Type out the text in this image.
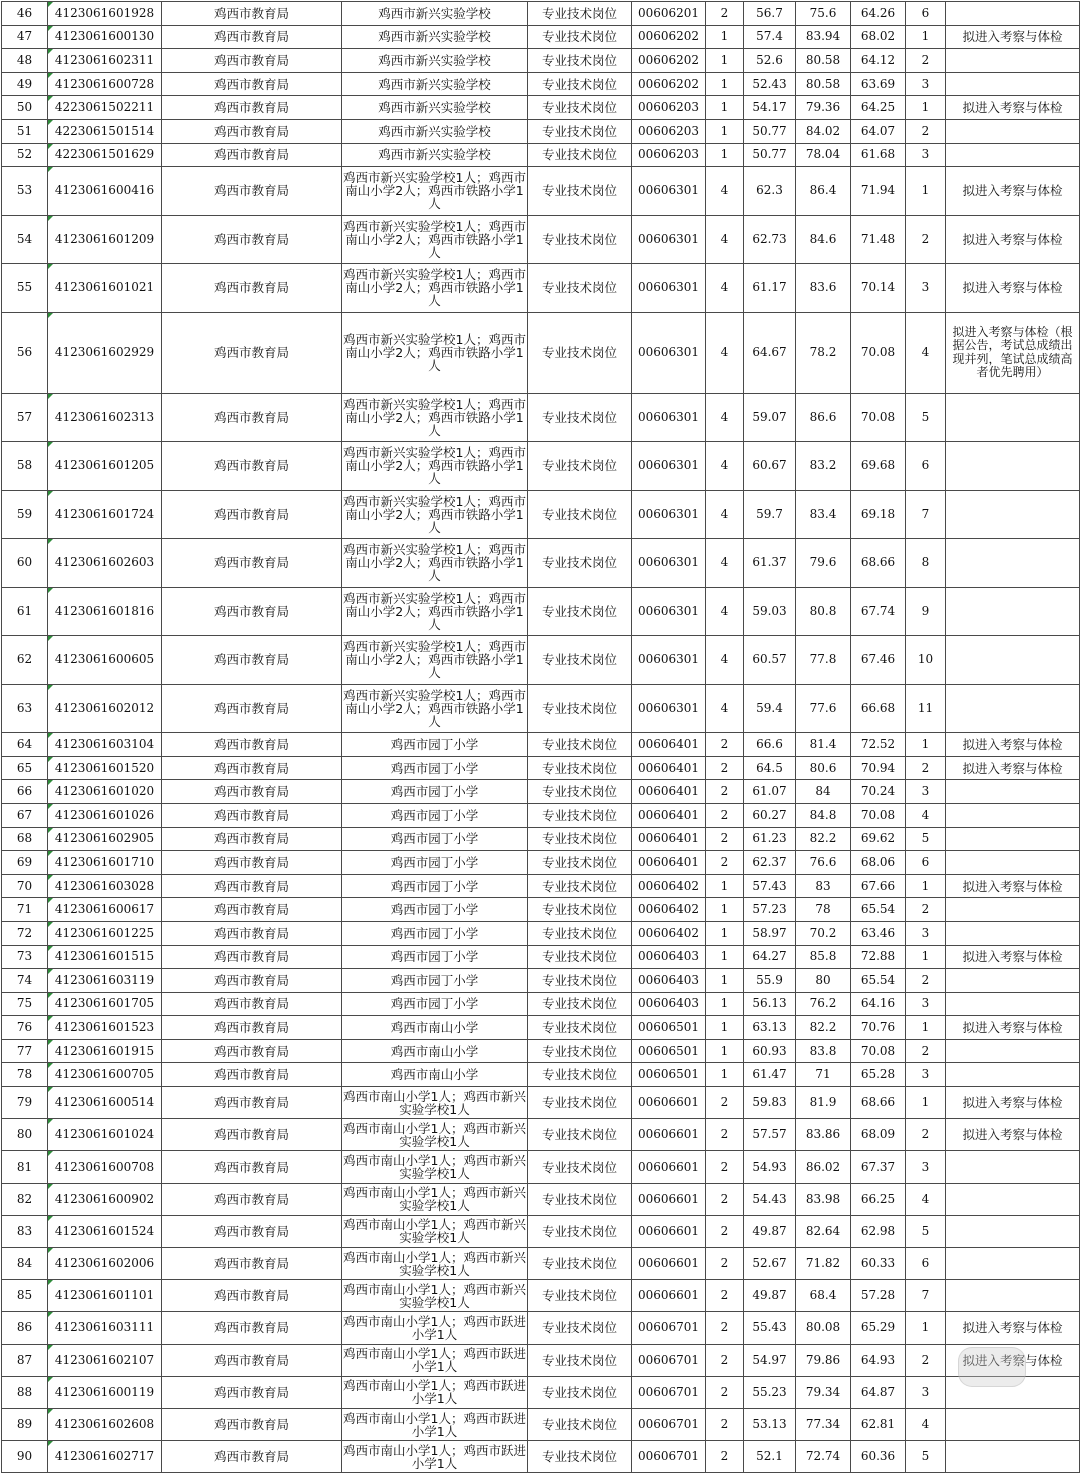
46	4123061601928	鸡西市教育局	鸡西市新兴实验学校	专业技术岗位	00606201	2	56.7	75.6	64.26	6	
47	4123061600130	鸡西市教育局	鸡西市新兴实验学校	专业技术岗位	00606202	1	57.4	83.94	68.02	1	拟进入考察与体检
48	4123061602311	鸡西市教育局	鸡西市新兴实验学校	专业技术岗位	00606202	1	52.6	80.58	64.12	2	
49	4123061600728	鸡西市教育局	鸡西市新兴实验学校	专业技术岗位	00606202	1	52.43	80.58	63.69	3	
50	4223061502211	鸡西市教育局	鸡西市新兴实验学校	专业技术岗位	00606203	1	54.17	79.36	64.25	1	拟进入考察与体检
51	4223061501514	鸡西市教育局	鸡西市新兴实验学校	专业技术岗位	00606203	1	50.77	84.02	64.07	2	
52	4223061501629	鸡西市教育局	鸡西市新兴实验学校	专业技术岗位	00606203	1	50.77	78.04	61.68	3	
53	4123061600416	鸡西市教育局	鸡西市新兴实验学校1人；鸡西市南山小学2人；鸡西市铁路小学1人	专业技术岗位	00606301	4	62.3	86.4	71.94	1	拟进入考察与体检
54	4123061601209	鸡西市教育局	鸡西市新兴实验学校1人；鸡西市南山小学2人；鸡西市铁路小学1人	专业技术岗位	00606301	4	62.73	84.6	71.48	2	拟进入考察与体检
55	4123061601021	鸡西市教育局	鸡西市新兴实验学校1人；鸡西市南山小学2人；鸡西市铁路小学1人	专业技术岗位	00606301	4	61.17	83.6	70.14	3	拟进入考察与体检
56	4123061602929	鸡西市教育局	鸡西市新兴实验学校1人；鸡西市南山小学2人；鸡西市铁路小学1人	专业技术岗位	00606301	4	64.67	78.2	70.08	4	拟进入考察与体检（根据公告，考试总成绩出现并列，笔试总成绩高者优先聘用）
57	4123061602313	鸡西市教育局	鸡西市新兴实验学校1人；鸡西市南山小学2人；鸡西市铁路小学1人	专业技术岗位	00606301	4	59.07	86.6	70.08	5	
58	4123061601205	鸡西市教育局	鸡西市新兴实验学校1人；鸡西市南山小学2人；鸡西市铁路小学1人	专业技术岗位	00606301	4	60.67	83.2	69.68	6	
59	4123061601724	鸡西市教育局	鸡西市新兴实验学校1人；鸡西市南山小学2人；鸡西市铁路小学1人	专业技术岗位	00606301	4	59.7	83.4	69.18	7	
60	4123061602603	鸡西市教育局	鸡西市新兴实验学校1人；鸡西市南山小学2人；鸡西市铁路小学1人	专业技术岗位	00606301	4	61.37	79.6	68.66	8	
61	4123061601816	鸡西市教育局	鸡西市新兴实验学校1人；鸡西市南山小学2人；鸡西市铁路小学1人	专业技术岗位	00606301	4	59.03	80.8	67.74	9	
62	4123061600605	鸡西市教育局	鸡西市新兴实验学校1人；鸡西市南山小学2人；鸡西市铁路小学1人	专业技术岗位	00606301	4	60.57	77.8	67.46	10	
63	4123061602012	鸡西市教育局	鸡西市新兴实验学校1人；鸡西市南山小学2人；鸡西市铁路小学1人	专业技术岗位	00606301	4	59.4	77.6	66.68	11	
64	4123061603104	鸡西市教育局	鸡西市园丁小学	专业技术岗位	00606401	2	66.6	81.4	72.52	1	拟进入考察与体检
65	4123061601520	鸡西市教育局	鸡西市园丁小学	专业技术岗位	00606401	2	64.5	80.6	70.94	2	拟进入考察与体检
66	4123061601020	鸡西市教育局	鸡西市园丁小学	专业技术岗位	00606401	2	61.07	84	70.24	3	
67	4123061601026	鸡西市教育局	鸡西市园丁小学	专业技术岗位	00606401	2	60.27	84.8	70.08	4	
68	4123061602905	鸡西市教育局	鸡西市园丁小学	专业技术岗位	00606401	2	61.23	82.2	69.62	5	
69	4123061601710	鸡西市教育局	鸡西市园丁小学	专业技术岗位	00606401	2	62.37	76.6	68.06	6	
70	4123061603028	鸡西市教育局	鸡西市园丁小学	专业技术岗位	00606402	1	57.43	83	67.66	1	拟进入考察与体检
71	4123061600617	鸡西市教育局	鸡西市园丁小学	专业技术岗位	00606402	1	57.23	78	65.54	2	
72	4123061601225	鸡西市教育局	鸡西市园丁小学	专业技术岗位	00606402	1	58.97	70.2	63.46	3	
73	4123061601515	鸡西市教育局	鸡西市园丁小学	专业技术岗位	00606403	1	64.27	85.8	72.88	1	拟进入考察与体检
74	4123061603119	鸡西市教育局	鸡西市园丁小学	专业技术岗位	00606403	1	55.9	80	65.54	2	
75	4123061601705	鸡西市教育局	鸡西市园丁小学	专业技术岗位	00606403	1	56.13	76.2	64.16	3	
76	4123061601523	鸡西市教育局	鸡西市南山小学	专业技术岗位	00606501	1	63.13	82.2	70.76	1	拟进入考察与体检
77	4123061601915	鸡西市教育局	鸡西市南山小学	专业技术岗位	00606501	1	60.93	83.8	70.08	2	
78	4123061600705	鸡西市教育局	鸡西市南山小学	专业技术岗位	00606501	1	61.47	71	65.28	3	
79	4123061600514	鸡西市教育局	鸡西市南山小学1人；鸡西市新兴实验学校1人	专业技术岗位	00606601	2	59.83	81.9	68.66	1	拟进入考察与体检
80	4123061601024	鸡西市教育局	鸡西市南山小学1人；鸡西市新兴实验学校1人	专业技术岗位	00606601	2	57.57	83.86	68.09	2	拟进入考察与体检
81	4123061600708	鸡西市教育局	鸡西市南山小学1人；鸡西市新兴实验学校1人	专业技术岗位	00606601	2	54.93	86.02	67.37	3	
82	4123061600902	鸡西市教育局	鸡西市南山小学1人；鸡西市新兴实验学校1人	专业技术岗位	00606601	2	54.43	83.98	66.25	4	
83	4123061601524	鸡西市教育局	鸡西市南山小学1人；鸡西市新兴实验学校1人	专业技术岗位	00606601	2	49.87	82.64	62.98	5	
84	4123061602006	鸡西市教育局	鸡西市南山小学1人；鸡西市新兴实验学校1人	专业技术岗位	00606601	2	52.67	71.82	60.33	6	
85	4123061601101	鸡西市教育局	鸡西市南山小学1人；鸡西市新兴实验学校1人	专业技术岗位	00606601	2	49.87	68.4	57.28	7	
86	4123061603111	鸡西市教育局	鸡西市南山小学1人；鸡西市跃进小学1人	专业技术岗位	00606701	2	55.43	80.08	65.29	1	拟进入考察与体检
87	4123061602107	鸡西市教育局	鸡西市南山小学1人；鸡西市跃进小学1人	专业技术岗位	00606701	2	54.97	79.86	64.93	2	拟进入考察与体检
88	4123061600119	鸡西市教育局	鸡西市南山小学1人；鸡西市跃进小学1人	专业技术岗位	00606701	2	55.23	79.34	64.87	3	
89	4123061602608	鸡西市教育局	鸡西市南山小学1人；鸡西市跃进小学1人	专业技术岗位	00606701	2	53.13	77.34	62.81	4	
90	4123061602717	鸡西市教育局	鸡西市南山小学1人；鸡西市跃进小学1人	专业技术岗位	00606701	2	52.1	72.74	60.36	5	
